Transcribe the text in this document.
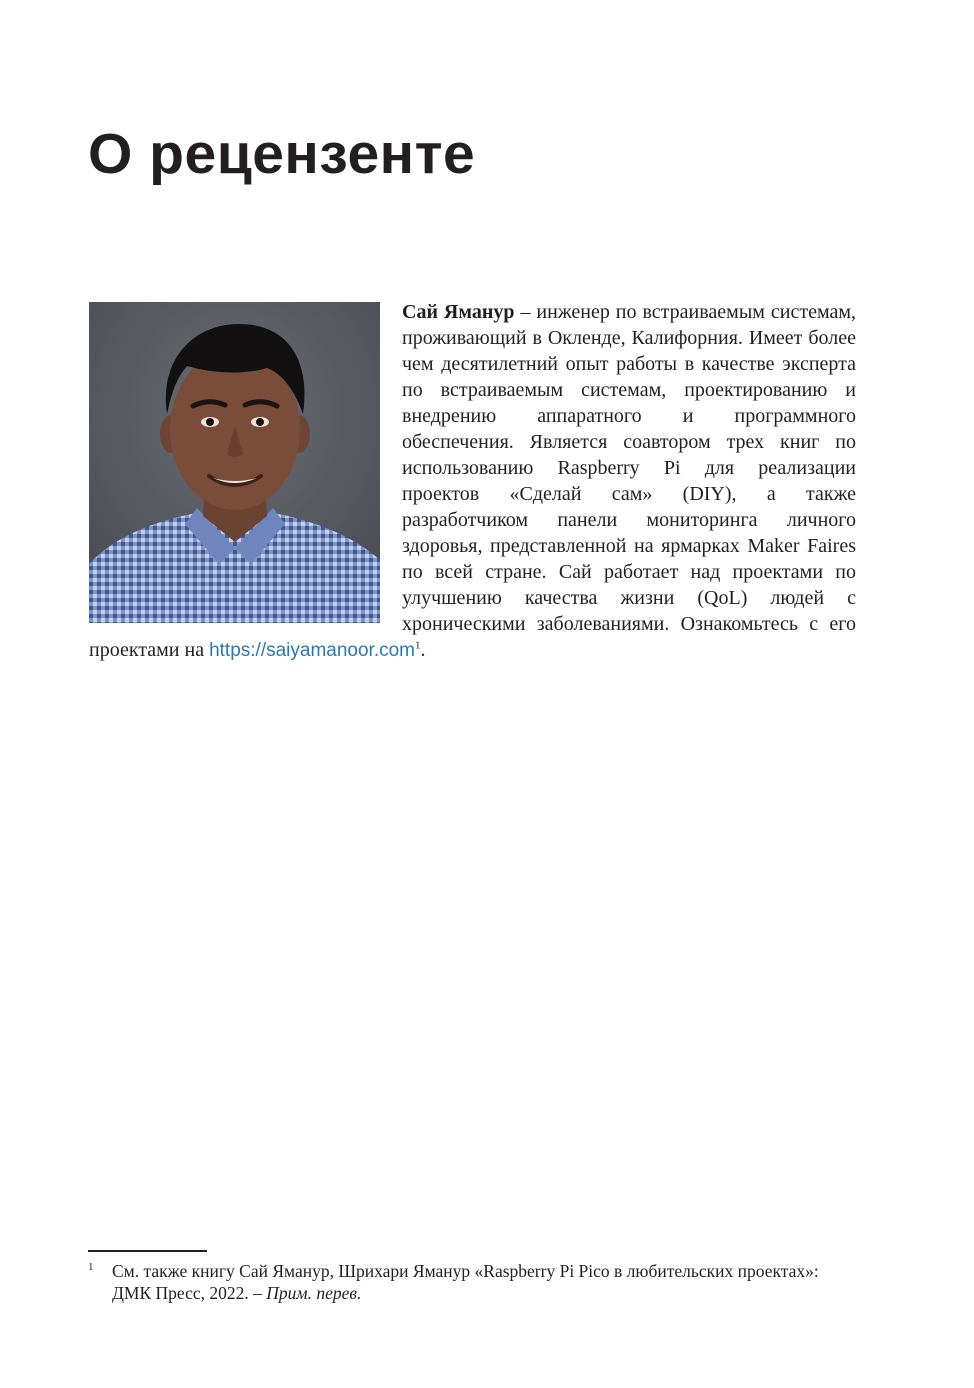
О рецензенте

Сай Яманур – инженер по встраиваемым системам, проживающий в Окленде, Калифорния. Имеет более чем десятилетний опыт работы в качестве эксперта по встраиваемым системам, проектированию и внедрению аппаратного и программного обеспечения. Является соавтором трех книг по использованию Raspberry Pi для реализации проектов «Сделай сам» (DIY), а также разработчиком панели мониторинга личного здоровья, представленной на ярмарках Maker Faires по всей стране. Сай работает над проектами по улучшению качества жизни (QoL) людей с хроническими заболеваниями. Ознакомьтесь с его проектами на https://saiyamanoor.com$^1$.

1 См. также книгу Сай Яманур, Шрихари Яманур «Raspberry Pi Pico в любительских проектах»: ДМК Пресс, 2022. – Прим. перев.
